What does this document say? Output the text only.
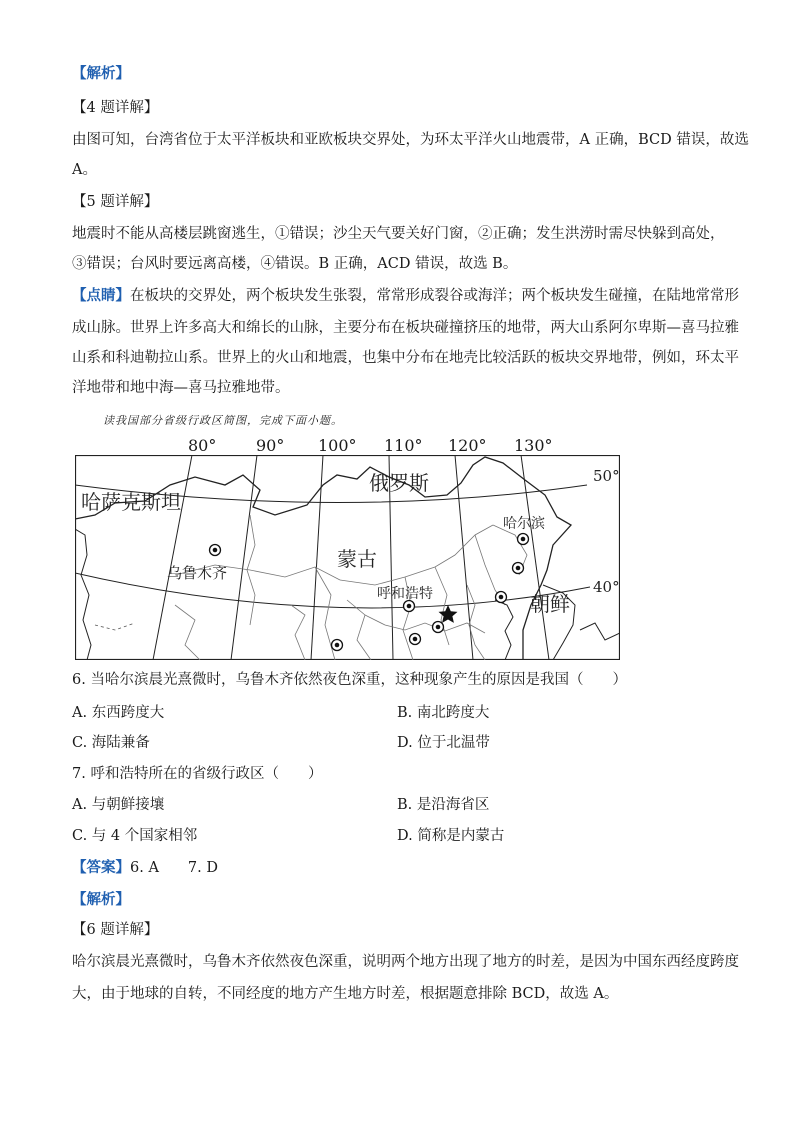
【解析】
【4 题详解】
由图可知，台湾省位于太平洋板块和亚欧板块交界处，为环太平洋火山地震带，A 正确，BCD 错误，故选
A。
【5 题详解】
地震时不能从高楼层跳窗逃生，①错误；沙尘天气要关好门窗，②正确；发生洪涝时需尽快躲到高处，
③错误；台风时要远离高楼，④错误。B 正确，ACD 错误，故选 B。
【点睛】在板块的交界处，两个板块发生张裂，常常形成裂谷或海洋；两个板块发生碰撞，在陆地常常形
成山脉。世界上许多高大和绵长的山脉，主要分布在板块碰撞挤压的地带，两大山系阿尔卑斯—喜马拉雅
山系和科迪勒拉山系。世界上的火山和地震，也集中分布在地壳比较活跃的板块交界地带，例如，环太平
洋地带和地中海—喜马拉雅地带。
读我国部分省级行政区简图，完成下面小题。
80° 90° 100° 110° 120° 130°
哈萨克斯坦
俄罗斯
蒙古
乌鲁木齐
哈尔滨
呼和浩特	朝鲜
50°
40°
6. 当哈尔滨晨光熹微时，乌鲁木齐依然夜色深重，这种现象产生的原因是我国（　　）
A. 东西跨度大	B. 南北跨度大
C. 海陆兼备	D. 位于北温带
7. 呼和浩特所在的省级行政区（　　）
A. 与朝鲜接壤	B. 是沿海省区
C. 与 4 个国家相邻	D. 简称是内蒙古
【答案】6. A　　7. D
【解析】
【6 题详解】
哈尔滨晨光熹微时，乌鲁木齐依然夜色深重，说明两个地方出现了地方的时差，是因为中国东西经度跨度
大，由于地球的自转，不同经度的地方产生地方时差，根据题意排除 BCD，故选 A。
